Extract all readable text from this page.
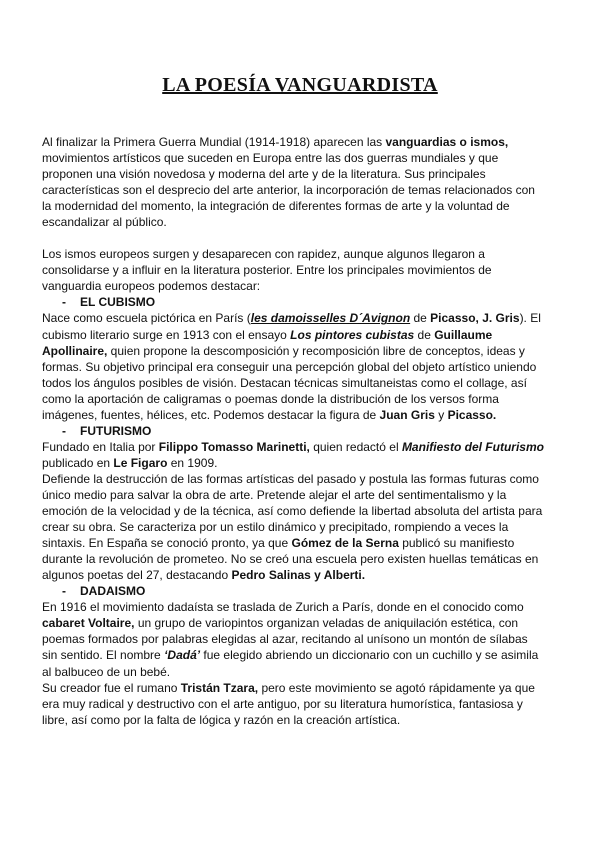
LA POESÍA VANGUARDISTA

Al finalizar la Primera Guerra Mundial (1914-1918) aparecen las vanguardias o ismos,

movimientos artísticos que suceden en Europa entre las dos guerras mundiales y que

proponen una visión novedosa y moderna del arte y de la literatura. Sus principales

características son el desprecio del arte anterior, la incorporación de temas relacionados con

la modernidad del momento, la integración de diferentes formas de arte y la voluntad de

escandalizar al público.

Los ismos europeos surgen y desaparecen con rapidez, aunque algunos llegaron a

consolidarse y a influir en la literatura posterior. Entre los principales movimientos de

vanguardia europeos podemos destacar:

- EL CUBISMO

Nace como escuela pictórica en París (les damoisselles D´Avignon de Picasso, J. Gris). El

cubismo literario surge en 1913 con el ensayo Los pintores cubistas de Guillaume

Apollinaire, quien propone la descomposición y recomposición libre de conceptos, ideas y

formas. Su objetivo principal era conseguir una percepción global del objeto artístico uniendo

todos los ángulos posibles de visión. Destacan técnicas simultaneistas como el collage, así

como la aportación de caligramas o poemas donde la distribución de los versos forma

imágenes, fuentes, hélices, etc. Podemos destacar la figura de Juan Gris y Picasso.

- FUTURISMO

Fundado en Italia por Filippo Tomasso Marinetti, quien redactó el Manifiesto del Futurismo

publicado en Le Figaro en 1909.

Defiende la destrucción de las formas artísticas del pasado y postula las formas futuras como

único medio para salvar la obra de arte. Pretende alejar el arte del sentimentalismo y la

emoción de la velocidad y de la técnica, así como defiende la libertad absoluta del artista para

crear su obra. Se caracteriza por un estilo dinámico y precipitado, rompiendo a veces la

sintaxis. En España se conoció pronto, ya que Gómez de la Serna publicó su manifiesto

durante la revolución de prometeo. No se creó una escuela pero existen huellas temáticas en

algunos poetas del 27, destacando Pedro Salinas y Alberti.

- DADAISMO

En 1916 el movimiento dadaísta se traslada de Zurich a París, donde en el conocido como

cabaret Voltaire, un grupo de variopintos organizan veladas de aniquilación estética, con

poemas formados por palabras elegidas al azar, recitando al unísono un montón de sílabas

sin sentido. El nombre ‘Dadá’ fue elegido abriendo un diccionario con un cuchillo y se asimila

al balbuceo de un bebé.

Su creador fue el rumano Tristán Tzara, pero este movimiento se agotó rápidamente ya que

era muy radical y destructivo con el arte antiguo, por su literatura humorística, fantasiosa y

libre, así como por la falta de lógica y razón en la creación artística.
